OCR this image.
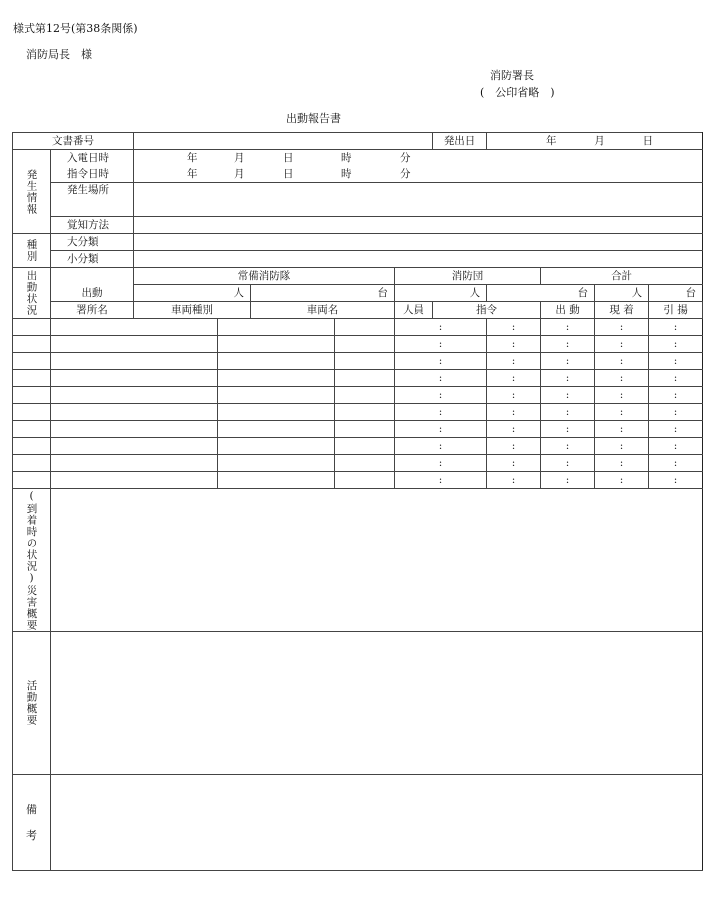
様式第12号(第38条関係)
消防局長　様
消防署長
(　公印省略　)
出動報告書
文書番号							発出日	年 月 日				

発生情報	入電日時	年 月 日 時 分										

	指令日時	年 月 日 時 分										

	発生場所											
	覚知方法											
種別	大分類											
	小分類											
出動状況		常備消防隊				消防団			合計			
	出動	人		台		人		台		人	台	
	署所名	車両種別		車両名		人員	指令		出 動	現 着	引 揚	
						:		:	:	:	:	
						:		:	:	:	:	
						:		:	:	:	:	
						:		:	:	:	:	
						:		:	:	:	:	
						:		:	:	:	:	
						:		:	:	:	:	
						:		:	:	:	:	
						:		:	:	:	:	
						:		:	:	:	:	
(到着時の状況)災害概要												
活動概要												

備
考												
